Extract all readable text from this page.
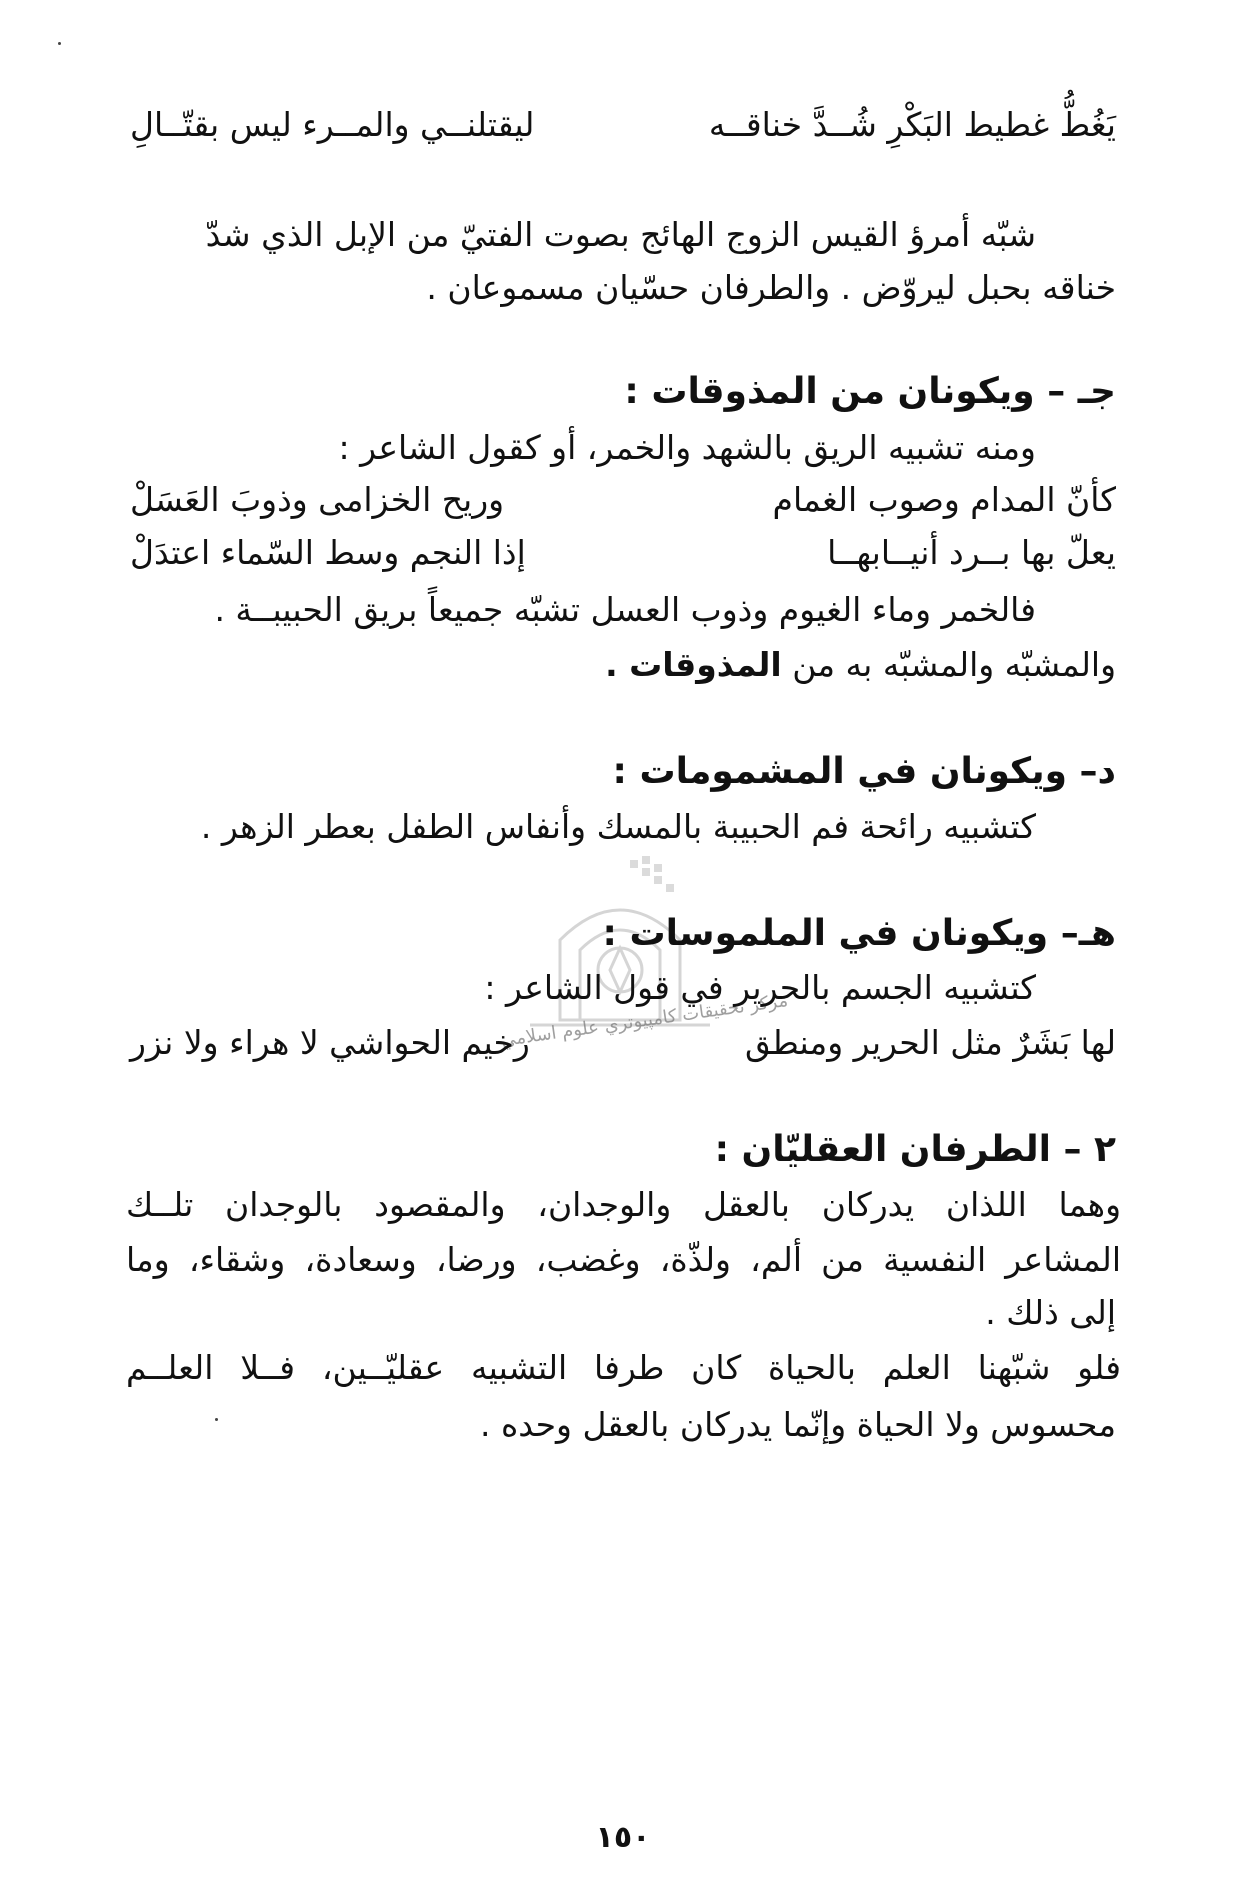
يَغُطُّ غطيط البَكْرِ شُــدَّ خناقــه
ليقتلنــي والمــرء ليس بقتّــالِ
شبّه أمرؤ القيس الزوج الهائج بصوت الفتيّ من الإبل الذي شدّ
خناقه بحبل ليروّض . والطرفان حسّيان مسموعان .
جـ – ويكونان من المذوقات :
ومنه تشبيه الريق بالشهد والخمر، أو كقول الشاعر :
كأنّ المدام وصوب الغمام
وريح الخزامى وذوبَ العَسَلْ
يعلّ بها بــرد أنيــابهــا
إذا النجم وسط السّماء اعتدَلْ
فالخمر وماء الغيوم وذوب العسل تشبّه جميعاً بريق الحبيبــة .
والمشبّه والمشبّه به من المذوقات .
مركز تحقيقات كامپيوتري علوم اسلامي
د– ويكونان في المشمومات :
كتشبيه رائحة فم الحبيبة بالمسك وأنفاس الطفل بعطر الزهر .
هـ– ويكونان في الملموسات :
كتشبيه الجسم بالحرير في قول الشاعر :
لها بَشَرٌ مثل الحرير ومنطق
رخيم الحواشي لا هراء ولا نزر
٢ – الطرفان العقليّان :
وهما اللذان يدركان بالعقل والوجدان، والمقصود بالوجدان تلــك
المشاعر النفسية من ألم، ولذّة، وغضب، ورضا، وسعادة، وشقاء، وما
إلى ذلك .
فلو شبّهنا العلم بالحياة كان طرفا التشبيه عقليّــين، فــلا العلــم
محسوس ولا الحياة وإنّما يدركان بالعقل وحده .
١٥٠
